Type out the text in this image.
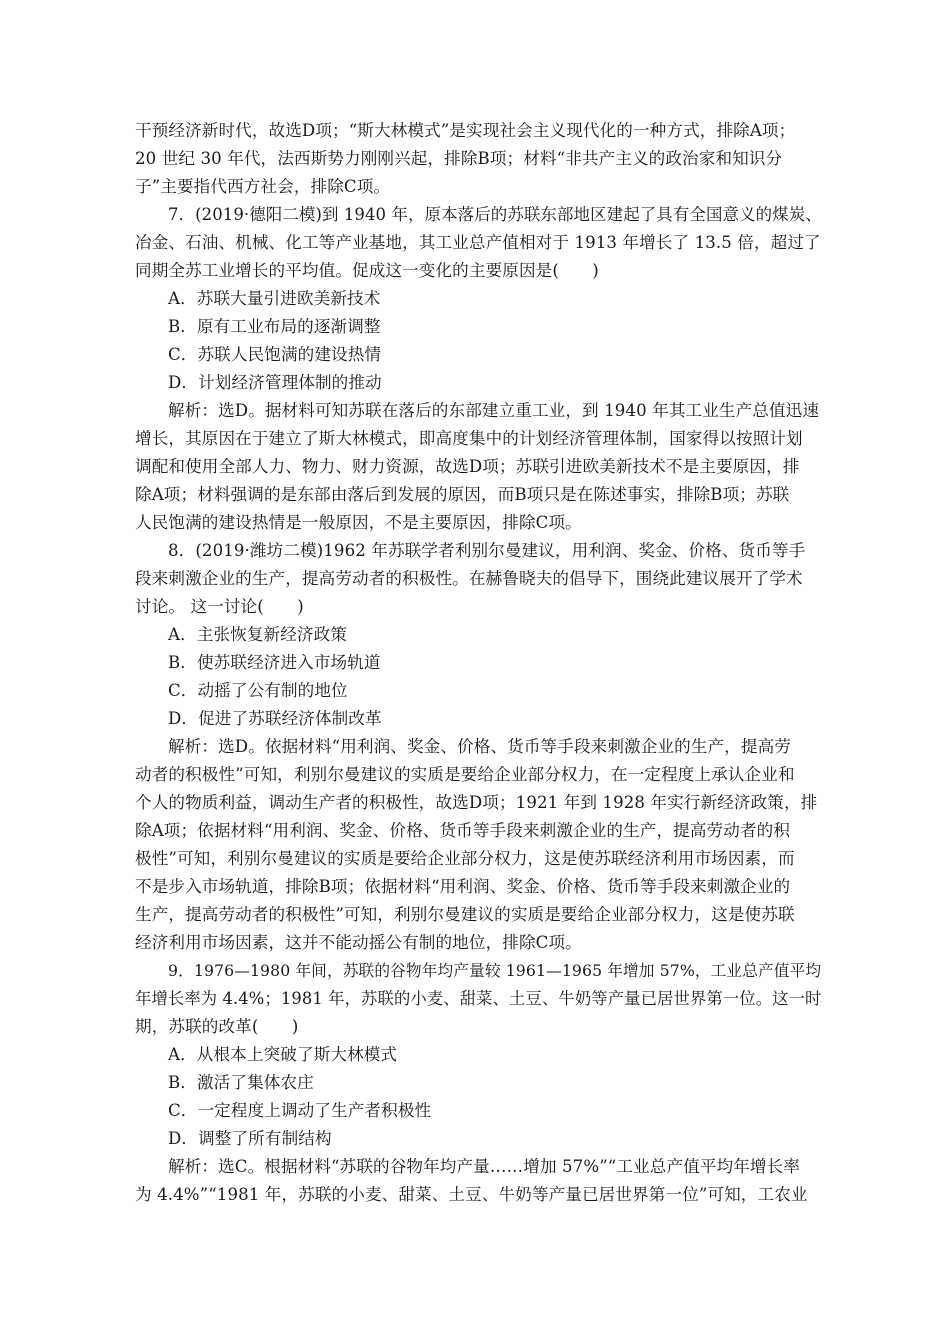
干预经济新时代，故选D项；“斯大林模式”是实现社会主义现代化的一种方式，排除A项；
20 世纪 30 年代，法西斯势力刚刚兴起，排除B项；材料“非共产主义的政治家和知识分
子”主要指代西方社会，排除C项。
7．(2019·德阳二模)到 1940 年，原本落后的苏联东部地区建起了具有全国意义的煤炭、
冶金、石油、机械、化工等产业基地，其工业总产值相对于 1913 年增长了 13.5 倍，超过了
同期全苏工业增长的平均值。促成这一变化的主要原因是(　　)
A．苏联大量引进欧美新技术
B．原有工业布局的逐渐调整
C．苏联人民饱满的建设热情
D．计划经济管理体制的推动
解析：选D。据材料可知苏联在落后的东部建立重工业，到 1940 年其工业生产总值迅速
增长，其原因在于建立了斯大林模式，即高度集中的计划经济管理体制，国家得以按照计划
调配和使用全部人力、物力、财力资源，故选D项；苏联引进欧美新技术不是主要原因，排
除A项；材料强调的是东部由落后到发展的原因，而B项只是在陈述事实，排除B项；苏联
人民饱满的建设热情是一般原因，不是主要原因，排除C项。
8．(2019·潍坊二模)1962 年苏联学者利别尔曼建议，用利润、奖金、价格、货币等手
段来刺激企业的生产，提高劳动者的积极性。在赫鲁晓夫的倡导下，围绕此建议展开了学术
讨论。 这一讨论(　　)
A．主张恢复新经济政策
B．使苏联经济进入市场轨道
C．动摇了公有制的地位
D．促进了苏联经济体制改革
解析：选D。依据材料“用利润、奖金、价格、货币等手段来刺激企业的生产，提高劳
动者的积极性”可知，利别尔曼建议的实质是要给企业部分权力，在一定程度上承认企业和
个人的物质利益，调动生产者的积极性，故选D项；1921 年到 1928 年实行新经济政策，排
除A项；依据材料“用利润、奖金、价格、货币等手段来刺激企业的生产，提高劳动者的积
极性”可知，利别尔曼建议的实质是要给企业部分权力，这是使苏联经济利用市场因素，而
不是步入市场轨道，排除B项；依据材料“用利润、奖金、价格、货币等手段来刺激企业的
生产，提高劳动者的积极性”可知，利别尔曼建议的实质是要给企业部分权力，这是使苏联
经济利用市场因素，这并不能动摇公有制的地位，排除C项。
9．1976—1980 年间，苏联的谷物年均产量较 1961—1965 年增加 57%，工业总产值平均
年增长率为 4.4%；1981 年，苏联的小麦、甜菜、土豆、牛奶等产量已居世界第一位。这一时
期，苏联的改革(　　)
A．从根本上突破了斯大林模式
B．激活了集体农庄
C．一定程度上调动了生产者积极性
D．调整了所有制结构
解析：选C。根据材料“苏联的谷物年均产量……增加 57%”“工业总产值平均年增长率
为 4.4%”“1981 年，苏联的小麦、甜菜、土豆、牛奶等产量已居世界第一位”可知，工农业
